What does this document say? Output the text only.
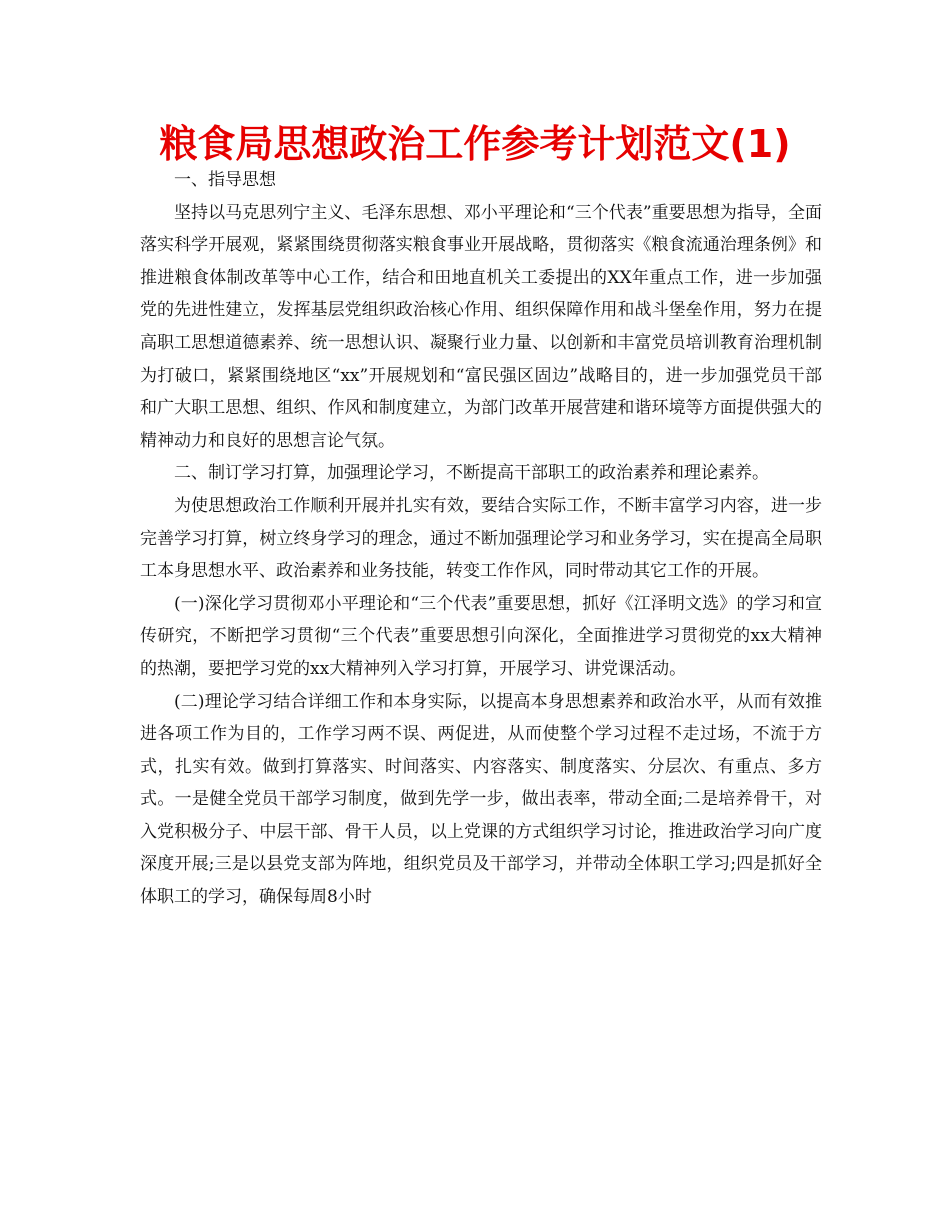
粮食局思想政治工作参考计划范文(1)

一、指导思想

坚持以马克思列宁主义、毛泽东思想、邓小平理论和“三个代表”重要思想为指导，全面落实科学开展观，紧紧围绕贯彻落实粮食事业开展战略，贯彻落实《粮食流通治理条例》和推进粮食体制改革等中心工作，结合和田地直机关工委提出的XX年重点工作，进一步加强党的先进性建立，发挥基层党组织政治核心作用、组织保障作用和战斗堡垒作用，努力在提高职工思想道德素养、统一思想认识、凝聚行业力量、以创新和丰富党员培训教育治理机制为打破口，紧紧围绕地区“xx”开展规划和“富民强区固边”战略目的，进一步加强党员干部和广大职工思想、组织、作风和制度建立，为部门改革开展营建和谐环境等方面提供强大的精神动力和良好的思想言论气氛。

二、制订学习打算，加强理论学习，不断提高干部职工的政治素养和理论素养。

为使思想政治工作顺利开展并扎实有效，要结合实际工作，不断丰富学习内容，进一步完善学习打算，树立终身学习的理念，通过不断加强理论学习和业务学习，实在提高全局职工本身思想水平、政治素养和业务技能，转变工作作风，同时带动其它工作的开展。

(一)深化学习贯彻邓小平理论和“三个代表”重要思想，抓好《江泽明文选》的学习和宣传研究，不断把学习贯彻“三个代表”重要思想引向深化，全面推进学习贯彻党的xx大精神的热潮，要把学习党的xx大精神列入学习打算，开展学习、讲党课活动。

(二)理论学习结合详细工作和本身实际，以提高本身思想素养和政治水平，从而有效推进各项工作为目的，工作学习两不误、两促进，从而使整个学习过程不走过场，不流于方式，扎实有效。做到打算落实、时间落实、内容落实、制度落实、分层次、有重点、多方式。一是健全党员干部学习制度，做到先学一步，做出表率，带动全面;二是培养骨干，对入党积极分子、中层干部、骨干人员，以上党课的方式组织学习讨论，推进政治学习向广度深度开展;三是以县党支部为阵地，组织党员及干部学习，并带动全体职工学习;四是抓好全体职工的学习，确保每周8小时
